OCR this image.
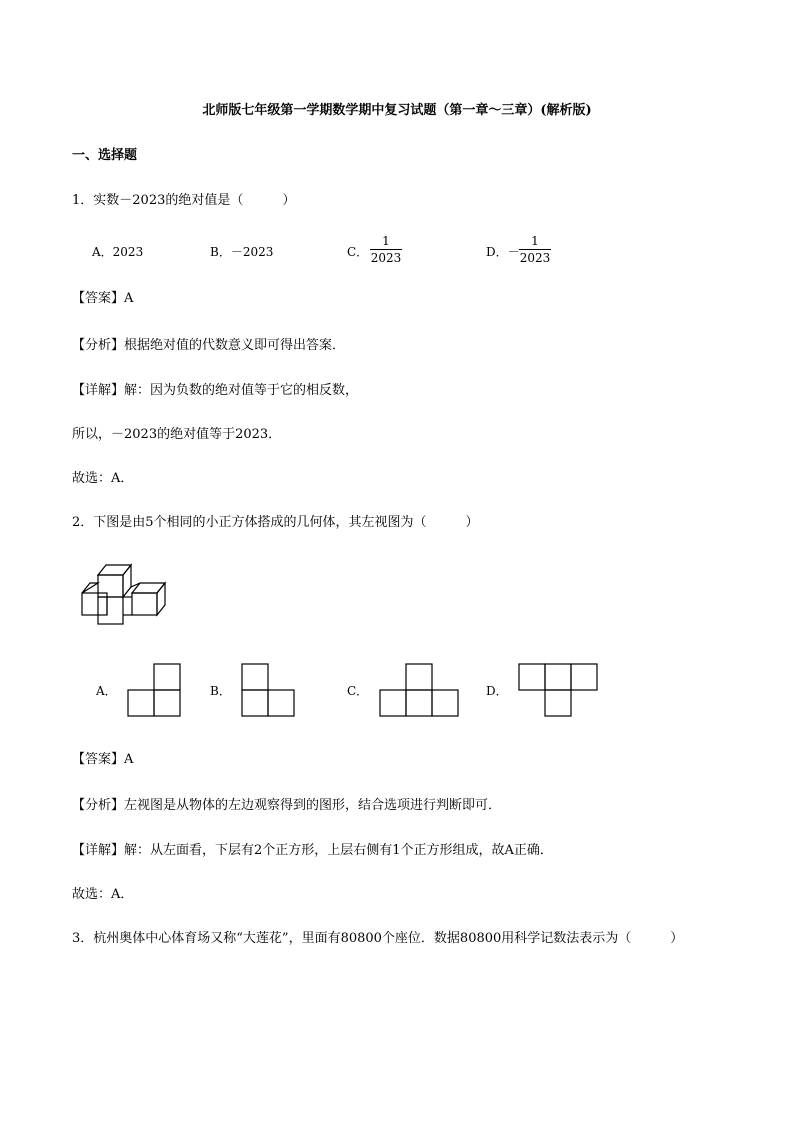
北师版七年级第一学期数学期中复习试题（第一章～三章）(解析版)
一、选择题
1．实数－2023的绝对值是（　　　）
A．2023	B．－2023	C．
1
2023	D．－
1
2023
【答案】A
【分析】根据绝对值的代数意义即可得出答案．
【详解】解：因为负数的绝对值等于它的相反数，
所以，－2023的绝对值等于2023．
故选：A．
2．下图是由5个相同的小正方体搭成的几何体，其左视图为（　　　）
A．	B．	C．	D．
【答案】A
【分析】左视图是从物体的左边观察得到的图形，结合选项进行判断即可．
【详解】解：从左面看，下层有2个正方形，上层右侧有1个正方形组成，故A正确．
故选：A．
3．杭州奥体中心体育场又称“大莲花”，里面有80800个座位．数据80800用科学记数法表示为（　　　）
